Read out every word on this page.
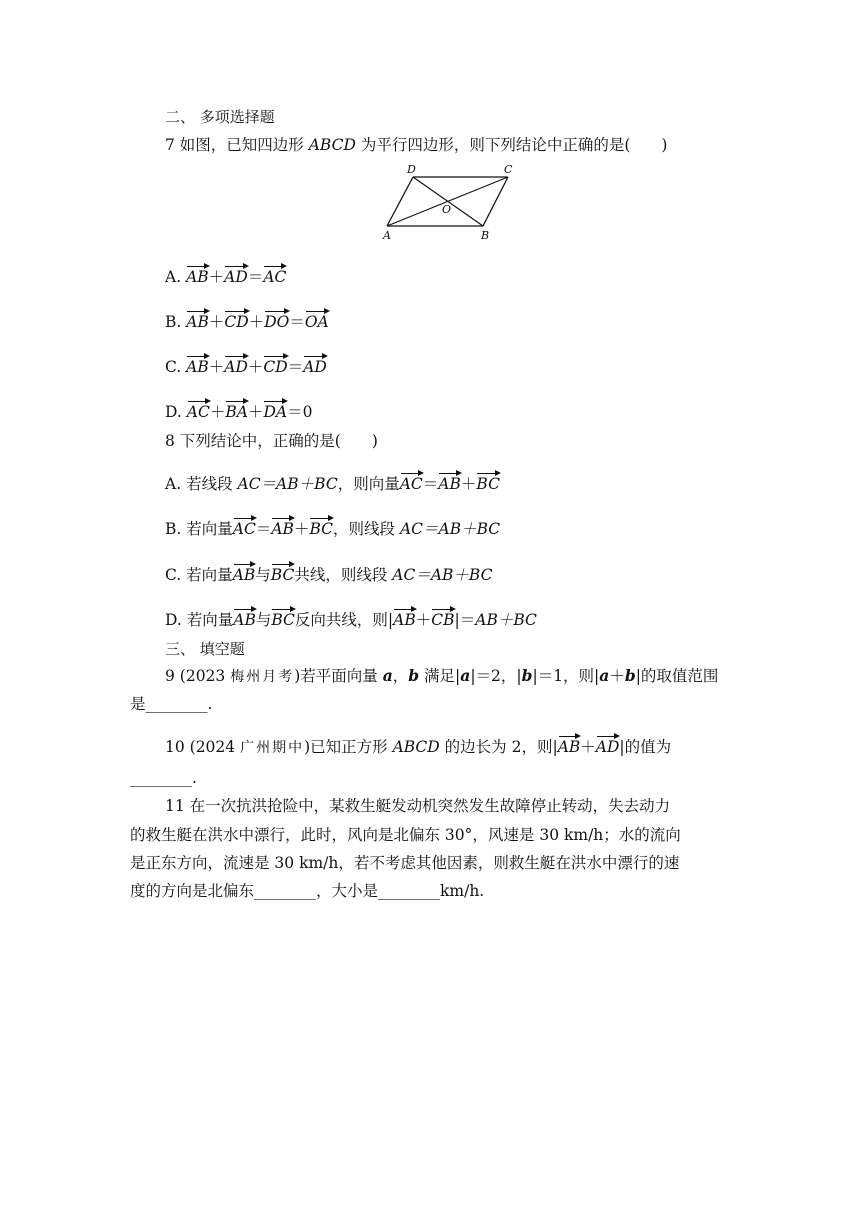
二、 多项选择题
7 如图，已知四边形 ABCD 为平行四边形，则下列结论中正确的是(　　)
D	C
O
A	B
A. AB＋AD＝AC
B. AB＋CD＋DO＝OA
C. AB＋AD＋CD＝AD
D. AC＋BA＋DA＝0
8 下列结论中，正确的是(　　)
A. 若线段 AC＝AB＋BC，则向量AC＝AB＋BC
B. 若向量AC＝AB＋BC，则线段 AC＝AB＋BC
C. 若向量AB与BC共线，则线段 AC＝AB＋BC
D. 若向量AB与BC反向共线，则|AB＋CB|＝AB＋BC
三、 填空题
9 (2023 梅州月考)若平面向量 a，b 满足|a|＝2，|b|＝1，则|a＋b|的取值范围
是________.
10 (2024 广州期中)已知正方形 ABCD 的边长为 2，则|AB＋AD|的值为
________.
11 在一次抗洪抢险中，某救生艇发动机突然发生故障停止转动，失去动力
的救生艇在洪水中漂行，此时，风向是北偏东 30°，风速是 30 km/h；水的流向
是正东方向，流速是 30 km/h，若不考虑其他因素，则救生艇在洪水中漂行的速
度的方向是北偏东________，大小是________km/h.
